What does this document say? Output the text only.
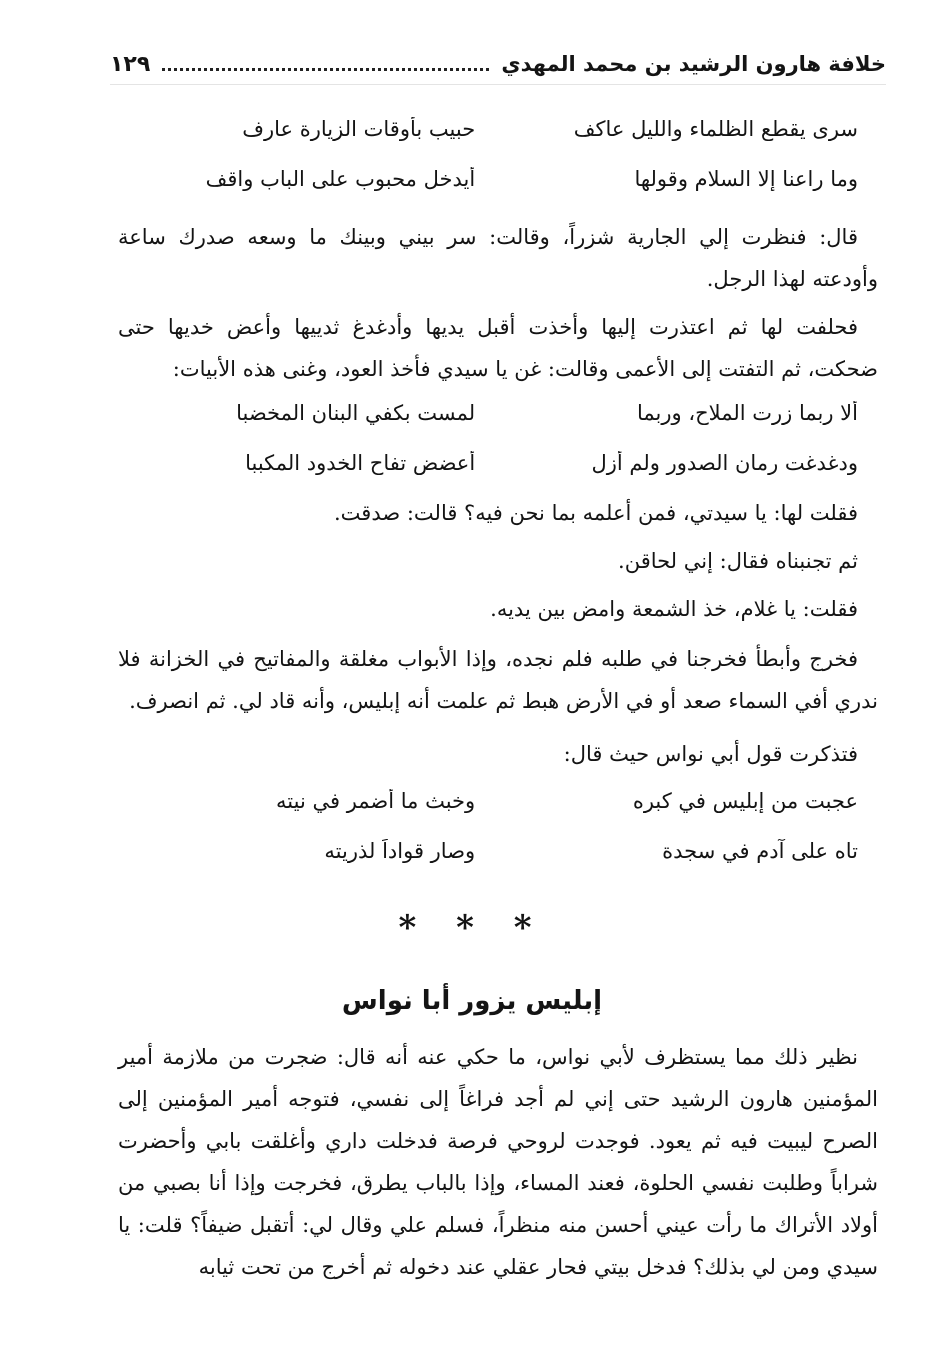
خلافة هارون الرشيد بن محمد المهدي
١٢٩
سرى يقطع الظلماء والليل عاكف
حبيب بأوقات الزيارة عارف
وما راعنا إلا السلام وقولها
أيدخل محبوب على الباب واقف

قال: فنظرت إلي الجارية شزراً، وقالت: سر بيني وبينك ما وسعه صدرك ساعة وأودعته لهذا الرجل.

فحلفت لها ثم اعتذرت إليها وأخذت أقبل يديها وأدغدغ ثدييها وأعض خديها حتى ضحكت، ثم التفتت إلى الأعمى وقالت: غن يا سيدي فأخذ العود، وغنى هذه الأبيات:

ألا ربما زرت الملاح، وربما
لمست بكفي البنان المخضبا
ودغدغت رمان الصدور ولم أزل
أعضض تفاح الخدود المكببا
فقلت لها: يا سيدتي، فمن أعلمه بما نحن فيه؟ قالت: صدقت.
ثم تجنبناه فقال: إني لحاقن.
فقلت: يا غلام، خذ الشمعة وامض بين يديه.

فخرج وأبطأ فخرجنا في طلبه فلم نجده، وإذا الأبواب مغلقة والمفاتيح في الخزانة فلا ندري أفي السماء صعد أو في الأرض هبط ثم علمت أنه إبليس، وأنه قاد لي. ثم انصرف.

فتذكرت قول أبي نواس حيث قال:
عجبت من إبليس في كبره
وخبث ما أضمر في نيته
تاه على آدم في سجدة
وصار قواداً لذريته
* * *
إبليس يزور أبا نواس

نظير ذلك مما يستظرف لأبي نواس، ما حكي عنه أنه قال: ضجرت من ملازمة أمير المؤمنين هارون الرشيد حتى إني لم أجد فراغاً إلى نفسي، فتوجه أمير المؤمنين إلى الصرح ليبيت فيه ثم يعود. فوجدت لروحي فرصة فدخلت داري وأغلقت بابي وأحضرت شراباً وطلبت نفسي الحلوة، فعند المساء، وإذا بالباب يطرق، فخرجت وإذا أنا بصبي من أولاد الأتراك ما رأت عيني أحسن منه منظراً، فسلم علي وقال لي: أتقبل ضيفاً؟ قلت: يا سيدي ومن لي بذلك؟ فدخل بيتي فحار عقلي عند دخوله ثم أخرج من تحت ثيابه
